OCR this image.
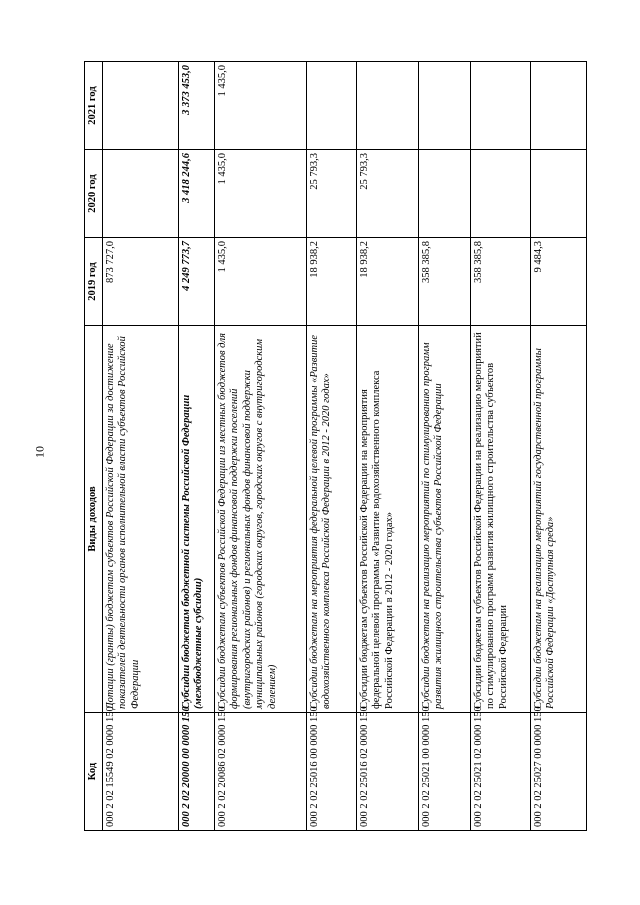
10
Код	Виды доходов	2019 год	2020 год	2021 год
000 2 02 15549 02 0000 150	Дотации (гранты) бюджетам субъектов Российской Федерации за достижение показателей деятельности органов исполнительной власти субъектов Российской Федерации	873 727,0		
000 2 02 20000 00 0000 150	Субсидии бюджетам бюджетной системы Российской Федерации (межбюджетные субсидии)	4 249 773,7	3 418 244,6	3 373 453,0
000 2 02 20086 02 0000 150	Субсидии бюджетам субъектов Российской Федерации из местных бюджетов для формирования региональных фондов финансовой поддержки поселений (внутригородских районов) и региональных фондов финансовой поддержки муниципальных районов (городских округов, городских округов с внутригородским делением)	1 435,0	1 435,0	1 435,0
000 2 02 25016 00 0000 150	Субсидии бюджетам на мероприятия федеральной целевой программы «Развитие водохозяйственного комплекса Российской Федерации в 2012 - 2020 годах»	18 938,2	25 793,3	
000 2 02 25016 02 0000 150	Субсидии бюджетам субъектов Российской Федерации на мероприятия федеральной целевой программы «Развитие водохозяйственного комплекса Российской Федерации в 2012 - 2020 годах»	18 938,2	25 793,3	
000 2 02 25021 00 0000 150	Субсидии бюджетам на реализацию мероприятий по стимулированию программ развития жилищного строительства субъектов Российской Федерации	358 385,8		
000 2 02 25021 02 0000 150	Субсидии бюджетам субъектов Российской Федерации на реализацию мероприятий по стимулированию программ развития жилищного строительства субъектов Российской Федерации	358 385,8		
000 2 02 25027 00 0000 150	Субсидии бюджетам на реализацию мероприятий государственной программы Российской Федерации «Доступная среда»	9 484,3		
